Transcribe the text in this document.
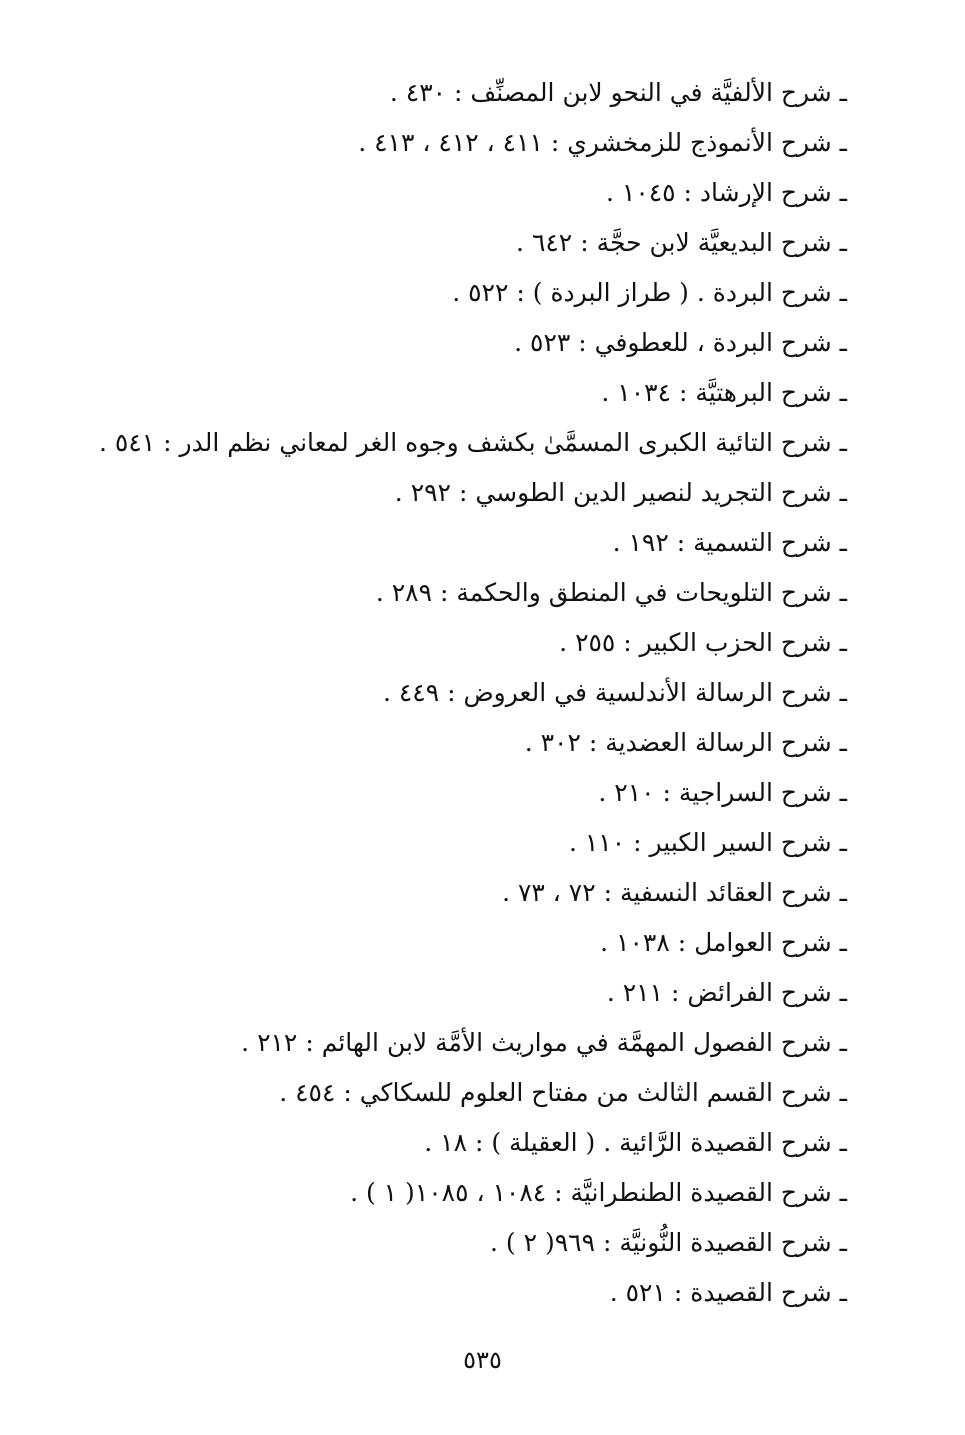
ـ شرح الألفيَّة في النحو لابن المصنِّف : ٤٣٠ .
ـ شرح الأنموذج للزمخشري : ٤١١ ، ٤١٢ ، ٤١٣ .
ـ شرح الإرشاد : ١٠٤٥ .
ـ شرح البديعيَّة لابن حجَّة : ٦٤٢ .
ـ شرح البردة . ( طراز البردة ) : ٥٢٢ .
ـ شرح البردة ، للعطوفي : ٥٢٣ .
ـ شرح البرهتيَّة : ١٠٣٤ .
ـ شرح التائية الكبرى المسمَّىٰ بكشف وجوه الغر لمعاني نظم الدر : ٥٤١ .
ـ شرح التجريد لنصير الدين الطوسي : ٢٩٢ .
ـ شرح التسمية : ١٩٢ .
ـ شرح التلويحات في المنطق والحكمة : ٢٨٩ .
ـ شرح الحزب الكبير : ٢٥٥ .
ـ شرح الرسالة الأندلسية في العروض : ٤٤٩ .
ـ شرح الرسالة العضدية : ٣٠٢ .
ـ شرح السراجية : ٢١٠ .
ـ شرح السير الكبير : ١١٠ .
ـ شرح العقائد النسفية : ٧٢ ، ٧٣ .
ـ شرح العوامل : ١٠٣٨ .
ـ شرح الفرائض : ٢١١ .
ـ شرح الفصول المهمَّة في مواريث الأمَّة لابن الهائم : ٢١٢ .
ـ شرح القسم الثالث من مفتاح العلوم للسكاكي : ٤٥٤ .
ـ شرح القصيدة الرَّائية . ( العقيلة ) : ١٨ .
ـ شرح القصيدة الطنطرانيَّة : ١٠٨٤ ، ١٠٨٥( ١ ) .
ـ شرح القصيدة النُّونيَّة : ٩٦٩( ٢ ) .
ـ شرح القصيدة : ٥٢١ .
٥٣٥
